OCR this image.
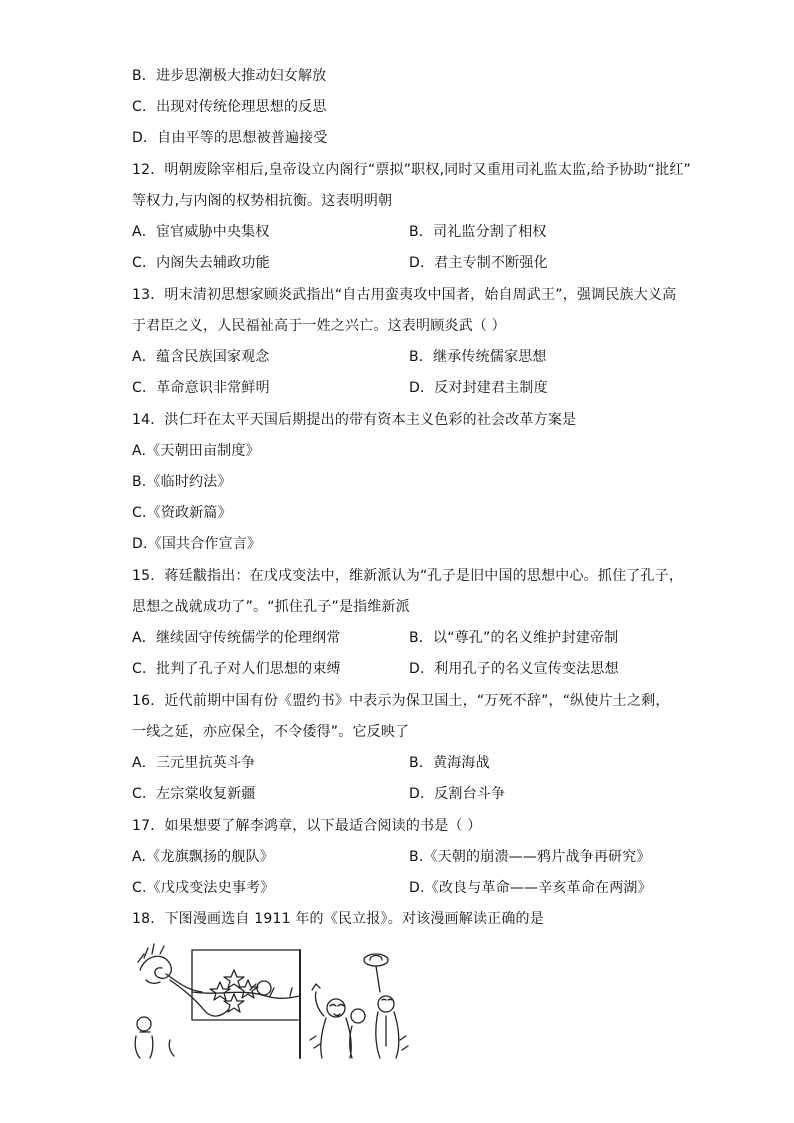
B．进步思潮极大推动妇女解放
C．出现对传统伦理思想的反思
D．自由平等的思想被普遍接受
12．明朝废除宰相后,皇帝设立内阁行“票拟”职权,同时又重用司礼监太监,给予协助“批红”
等权力,与内阁的权势相抗衡。这表明明朝
A．宦官威胁中央集权	B．司礼监分割了相权
C．内阁失去辅政功能	D．君主专制不断强化
13．明末清初思想家顾炎武指出“自古用蛮夷攻中国者，始自周武王”，强调民族大义高
于君臣之义，人民福祉高于一姓之兴亡。这表明顾炎武（ ）
A．蕴含民族国家观念	B．继承传统儒家思想
C．革命意识非常鲜明	D．反对封建君主制度
14．洪仁玕在太平天国后期提出的带有资本主义色彩的社会改革方案是
A.《天朝田亩制度》
B.《临时约法》
C.《资政新篇》
D.《国共合作宣言》
15．蒋廷黻指出：在戊戌变法中，维新派认为“孔子是旧中国的思想中心。抓住了孔子，
思想之战就成功了”。“抓住孔子”是指维新派
A．继续固守传统儒学的伦理纲常	B．以“尊孔”的名义维护封建帝制
C．批判了孔子对人们思想的束缚	D．利用孔子的名义宣传变法思想
16．近代前期中国有份《盟约书》中表示为保卫国土，“万死不辞”，“纵使片土之剩，
一线之延，亦应保全，不令倭得”。它反映了
A．三元里抗英斗争	B．黄海海战
C．左宗棠收复新疆	D．反割台斗争
17．如果想要了解李鸿章，以下最适合阅读的书是（ ）
A.《龙旗飘扬的舰队》	B.《天朝的崩溃——鸦片战争再研究》
C.《戊戌变法史事考》	D.《改良与革命——辛亥革命在两湖》
18．下图漫画选自 1911 年的《民立报》。对该漫画解读正确的是
